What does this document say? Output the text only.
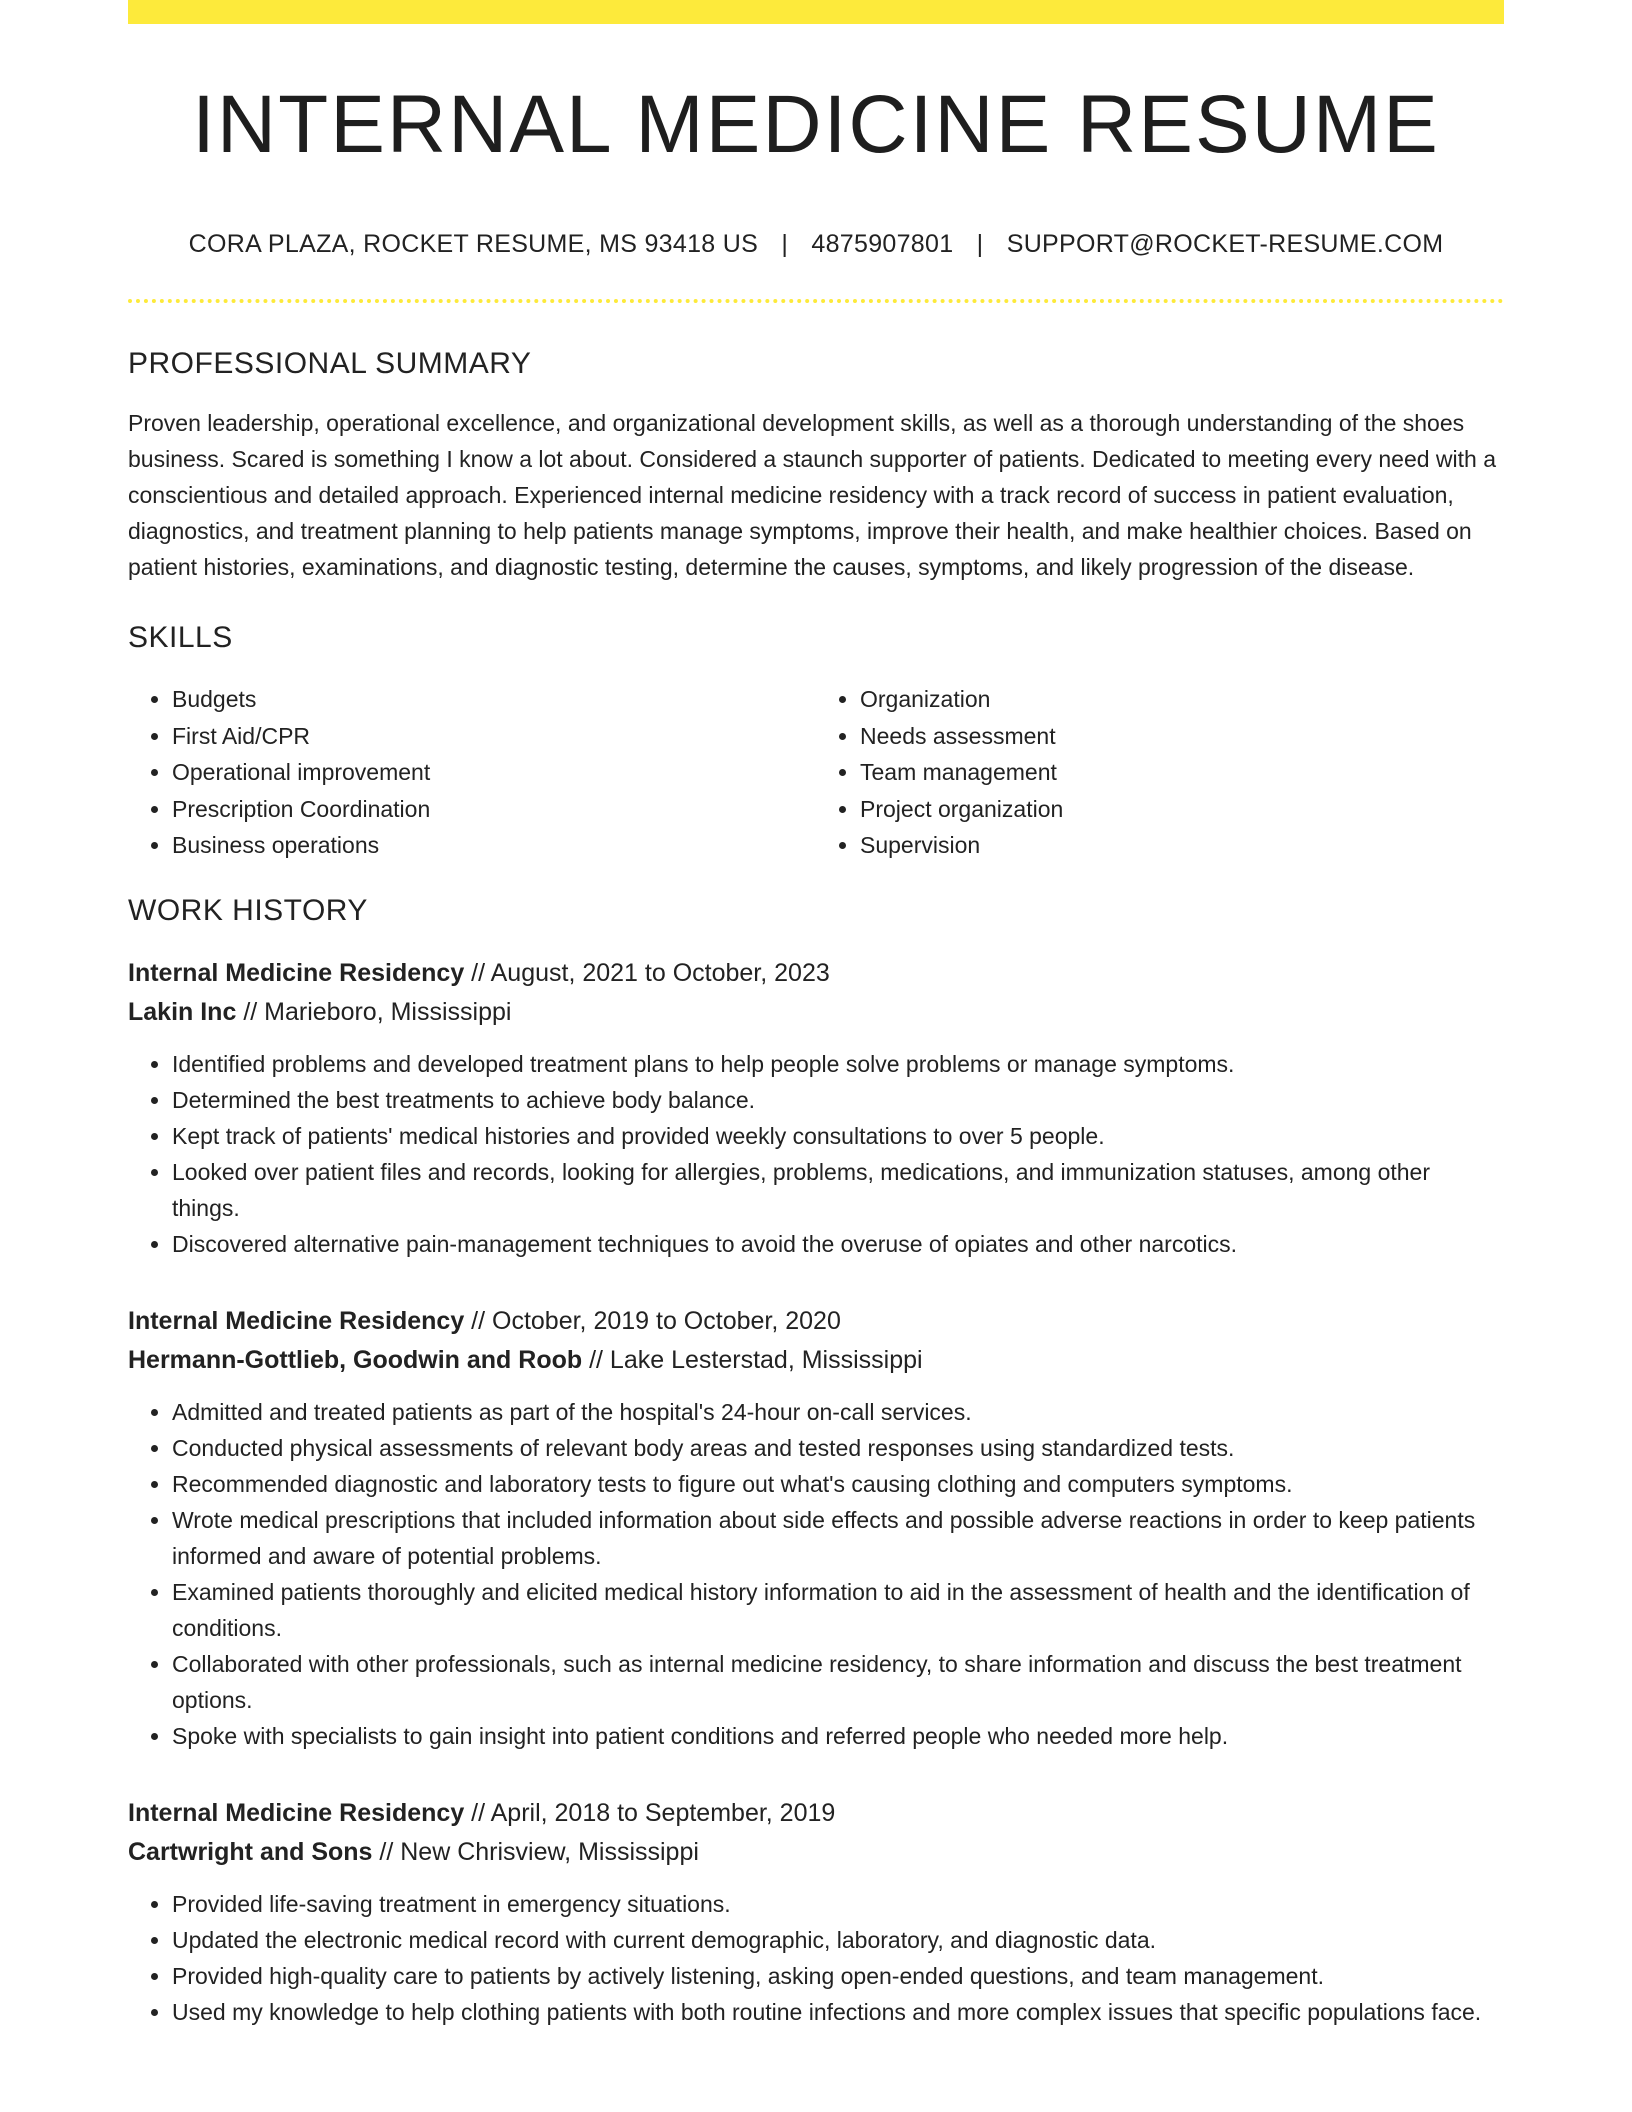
INTERNAL MEDICINE RESUME
CORA PLAZA, ROCKET RESUME, MS 93418 US | 4875907801 | SUPPORT@ROCKET-RESUME.COM
PROFESSIONAL SUMMARY

Proven leadership, operational excellence, and organizational development skills, as well as a thorough understanding of the shoes business. Scared is something I know a lot about. Considered a staunch supporter of patients. Dedicated to meeting every need with a conscientious and detailed approach. Experienced internal medicine residency with a track record of success in patient evaluation, diagnostics, and treatment planning to help patients manage symptoms, improve their health, and make healthier choices. Based on patient histories, examinations, and diagnostic testing, determine the causes, symptoms, and likely progression of the disease.

SKILLS
• Budgets
• First Aid/CPR
• Operational improvement
• Prescription Coordination
• Business operations
• Organization
• Needs assessment
• Team management
• Project organization
• Supervision
WORK HISTORY
Internal Medicine Residency // August, 2021 to October, 2023
Lakin Inc // Marieboro, Mississippi
• Identified problems and developed treatment plans to help people solve problems or manage symptoms.
• Determined the best treatments to achieve body balance.
• Kept track of patients' medical histories and provided weekly consultations to over 5 people.
• Looked over patient files and records, looking for allergies, problems, medications, and immunization statuses, among other things.
• Discovered alternative pain-management techniques to avoid the overuse of opiates and other narcotics.
Internal Medicine Residency // October, 2019 to October, 2020
Hermann-Gottlieb, Goodwin and Roob // Lake Lesterstad, Mississippi
• Admitted and treated patients as part of the hospital's 24-hour on-call services.
• Conducted physical assessments of relevant body areas and tested responses using standardized tests.
• Recommended diagnostic and laboratory tests to figure out what's causing clothing and computers symptoms.
• Wrote medical prescriptions that included information about side effects and possible adverse reactions in order to keep patients informed and aware of potential problems.
• Examined patients thoroughly and elicited medical history information to aid in the assessment of health and the identification of conditions.
• Collaborated with other professionals, such as internal medicine residency, to share information and discuss the best treatment options.
• Spoke with specialists to gain insight into patient conditions and referred people who needed more help.
Internal Medicine Residency // April, 2018 to September, 2019
Cartwright and Sons // New Chrisview, Mississippi
• Provided life-saving treatment in emergency situations.
• Updated the electronic medical record with current demographic, laboratory, and diagnostic data.
• Provided high-quality care to patients by actively listening, asking open-ended questions, and team management.
• Used my knowledge to help clothing patients with both routine infections and more complex issues that specific populations face.
